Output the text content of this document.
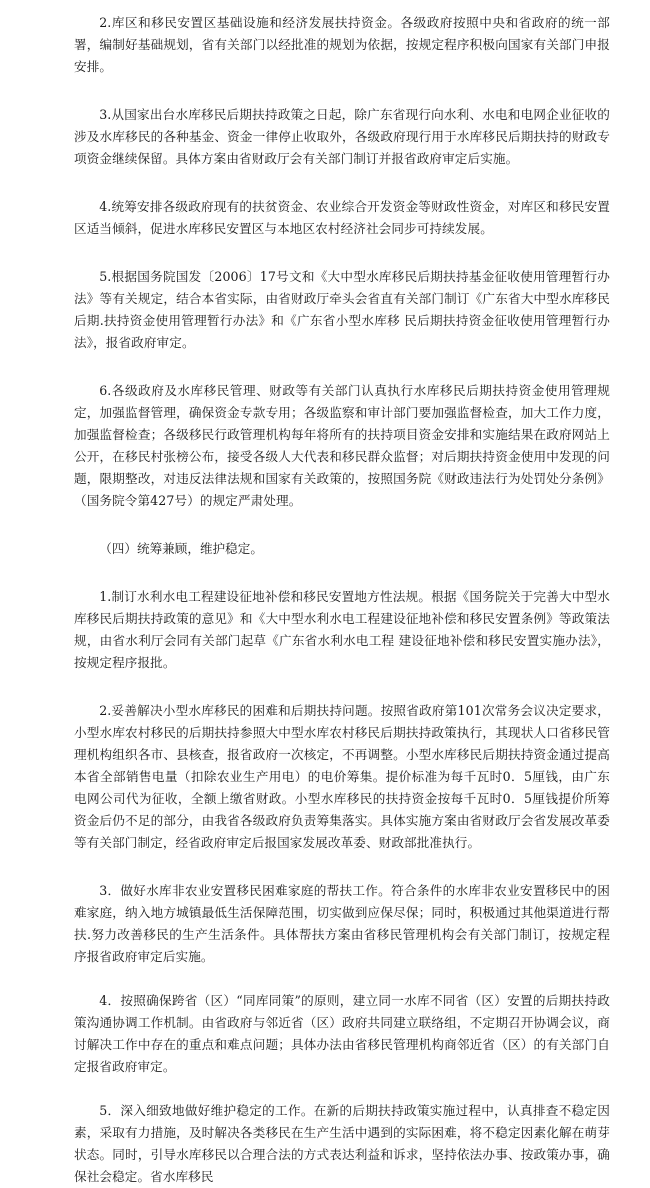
2.库区和移民安置区基础设施和经济发展扶持资金。各级政府按照中央和省政府的统一部署，编制好基础规划，省有关部门以经批准的规划为依据，按规定程序积极向国家有关部门申报安排。

3.从国家出台水库移民后期扶持政策之日起，除广东省现行向水利、水电和电网企业征收的涉及水库移民的各种基金、资金一律停止收取外，各级政府现行用于水库移民后期扶持的财政专项资金继续保留。具体方案由省财政厅会有关部门制订并报省政府审定后实施。

4.统筹安排各级政府现有的扶贫资金、农业综合开发资金等财政性资金，对库区和移民安置区适当倾斜，促进水库移民安置区与本地区农村经济社会同步可持续发展。

5.根据国务院国发〔2006〕17号文和《大中型水库移民后期扶持基金征收使用管理暂行办法》等有关规定，结合本省实际，由省财政厅牵头会省直有关部门制订《广东省大中型水库移民后期.扶持资金使用管理暂行办法》和《广东省小型水库移 民后期扶持资金征收使用管理暂行办法》，报省政府审定。

6.各级政府及水库移民管理、财政等有关部门认真执行水库移民后期扶持资金使用管理规定，加强监督管理，确保资金专款专用；各级监察和审计部门要加强监督检查，加大工作力度，加强监督检查；各级移民行政管理机构每年将所有的扶持项目资金安排和实施结果在政府网站上公开，在移民村张榜公布，接受各级人大代表和移民群众监督；对后期扶持资金使用中发现的问题，限期整改，对违反法律法规和国家有关政策的，按照国务院《财政违法行为处罚处分条例》（国务院令第427号）的规定严肃处理。

（四）统筹兼顾，维护稳定。

1.制订水利水电工程建设征地补偿和移民安置地方性法规。根据《国务院关于完善大中型水库移民后期扶持政策的意见》和《大中型水利水电工程建设征地补偿和移民安置条例》等政策法规，由省水利厅会同有关部门起草《广东省水利水电工程 建设征地补偿和移民安置实施办法》，按规定程序报批。

2.妥善解决小型水库移民的困难和后期扶持问题。按照省政府第101次常务会议决定要求，小型水库农村移民的后期扶持参照大中型水库农村移民后期扶持政策执行，其现状人口省移民管理机构组织各市、县核查，报省政府一次核定，不再调整。小型水库移民后期扶持资金通过提高本省全部销售电量（扣除农业生产用电）的电价筹集。提价标准为每千瓦时0．5厘钱，由广东电网公司代为征收，全额上缴省财政。小型水库移民的扶持资金按每千瓦时0．5厘钱提价所筹资金后仍不足的部分，由我省各级政府负责筹集落实。具体实施方案由省财政厅会省发展改革委等有关部门制定，经省政府审定后报国家发展改革委、财政部批准执行。

3．做好水库非农业安置移民困难家庭的帮扶工作。符合条件的水库非农业安置移民中的困难家庭，纳入地方城镇最低生活保障范围，切实做到应保尽保；同时，积极通过其他渠道进行帮扶.努力改善移民的生产生活条件。具体帮扶方案由省移民管理机构会有关部门制订，按规定程序报省政府审定后实施。

4．按照确保跨省（区）“同库同策”的原则，建立同一水库不同省（区）安置的后期扶持政策沟通协调工作机制。由省政府与邻近省（区）政府共同建立联络组，不定期召开协调会议，商讨解决工作中存在的重点和难点问题；具体办法由省移民管理机构商邻近省（区）的有关部门自定报省政府审定。

5．深入细致地做好维护稳定的工作。在新的后期扶持政策实施过程中，认真排查不稳定因素，采取有力措施，及时解决各类移民在生产生活中遇到的实际困难，将不稳定因素化解在萌芽状态。同时，引导水库移民以合理合法的方式表达利益和诉求，坚持依法办事、按政策办事，确保社会稳定。省水库移民
